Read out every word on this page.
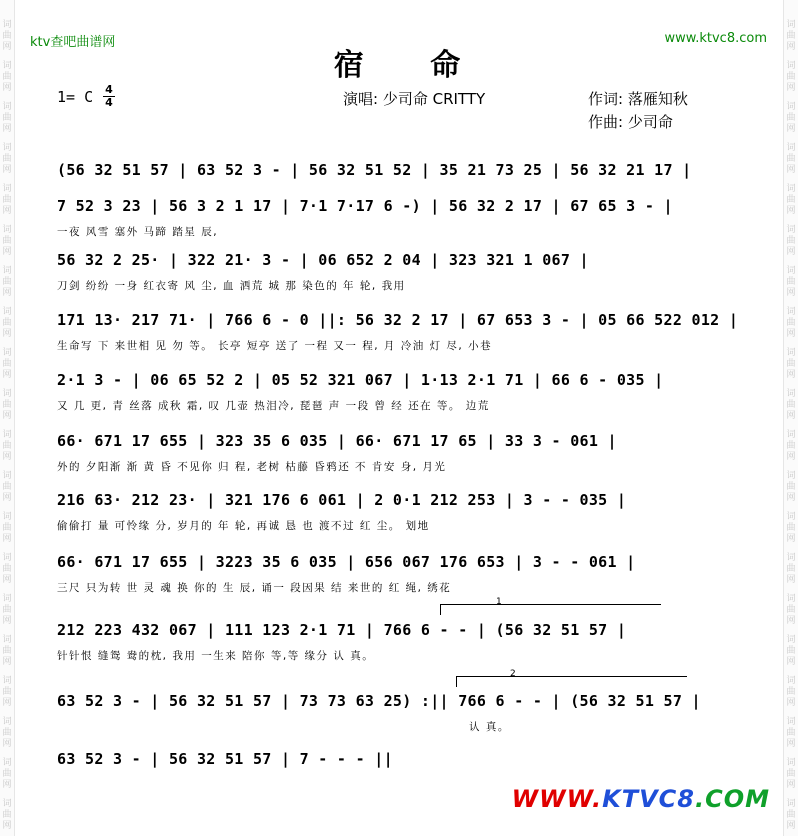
词
曲
网
词
曲
网
词
曲
网
词
曲
网
词
曲
网
词
曲
网
词
曲
网
词
曲
网
词
曲
网
词
曲
网
词
曲
网
词
曲
网
词
曲
网
词
曲
网
词
曲
网
词
曲
网
词
曲
网
词
曲
网
词
曲
网
词
曲
网
词
曲
网
词
曲
网
词
曲
网
词
曲
网
词
曲
网
词
曲
网
词
曲
网
词
曲
网
词
曲
网
词
曲
网
词
曲
网
词
曲
网
词
曲
网
词
曲
网
词
曲
网
词
曲
网
词
曲
网
词
曲
网
词
曲
网
词
曲
网
ktv查吧曲谱网	www.ktvc8.com
宿 命
1= C 4
4	演唱: 少司命 CRITTY	作词: 落雁知秋
作曲: 少司命
(56 32 51 57 | 63 52 3 - | 56 32 51 52 | 35 21 73 25 | 56 32 21 17 |
7 52 3 23 | 56 3 2 1 17 | 7·1 7·17 6 -) | 56 32 2 17 | 67 65 3 - |
一夜 风雪 塞外 马蹄 踏星 辰,
56 32 2 25· | 322 21· 3 - | 06 652 2 04 | 323 321 1 067 |
刀剑 纷纷 一身 红衣寄 风 尘, 血 洒荒 城 那 染色的 年 轮, 我用
171 13· 217 71· | 766 6 - 0 ||: 56 32 2 17 | 67 653 3 - | 05 66 522 012 |
生命写 下 来世相 见 勿 等。 长亭 短亭 送了 一程 又一 程, 月 冷油 灯 尽, 小巷
2·1 3 - | 06 65 52 2 | 05 52 321 067 | 1·13 2·1 71 | 66 6 - 035 |
又 几 更, 青 丝落 成秋 霜, 叹 几壶 热泪冷, 琵琶 声 一段 曾 经 还在 等。 边荒
66· 671 17 655 | 323 35 6 035 | 66· 671 17 65 | 33 3 - 061 |
外的 夕阳渐 渐 黄 昏 不见你 归 程, 老树 枯藤 昏鸦还 不 肯安 身, 月光
216 63· 212 23· | 321 176 6 061 | 2 0·1 212 253 | 3 - - 035 |
偷偷打 量 可怜缘 分, 岁月的 年 轮, 再诚 恳 也 渡不过 红 尘。 划地
66· 671 17 655 | 3223 35 6 035 | 656 067 176 653 | 3 - - 061 |
三尺 只为转 世 灵 魂 换 你的 生 辰, 诵一 段因果 结 来世的 红 绳, 绣花
1
212 223 432 067 | 111 123 2·1 71 | 766 6 - - | (56 32 51 57 |
针针恨 缝鸳 鸯的枕, 我用 一生来 陪你 等,等 缘分 认 真。
2
63 52 3 - | 56 32 51 57 | 73 73 63 25) :|| 766 6 - - | (56 32 51 57 |
认 真。
63 52 3 - | 56 32 51 57 | 7 - - - ||
WWW.KTVC8.COM
